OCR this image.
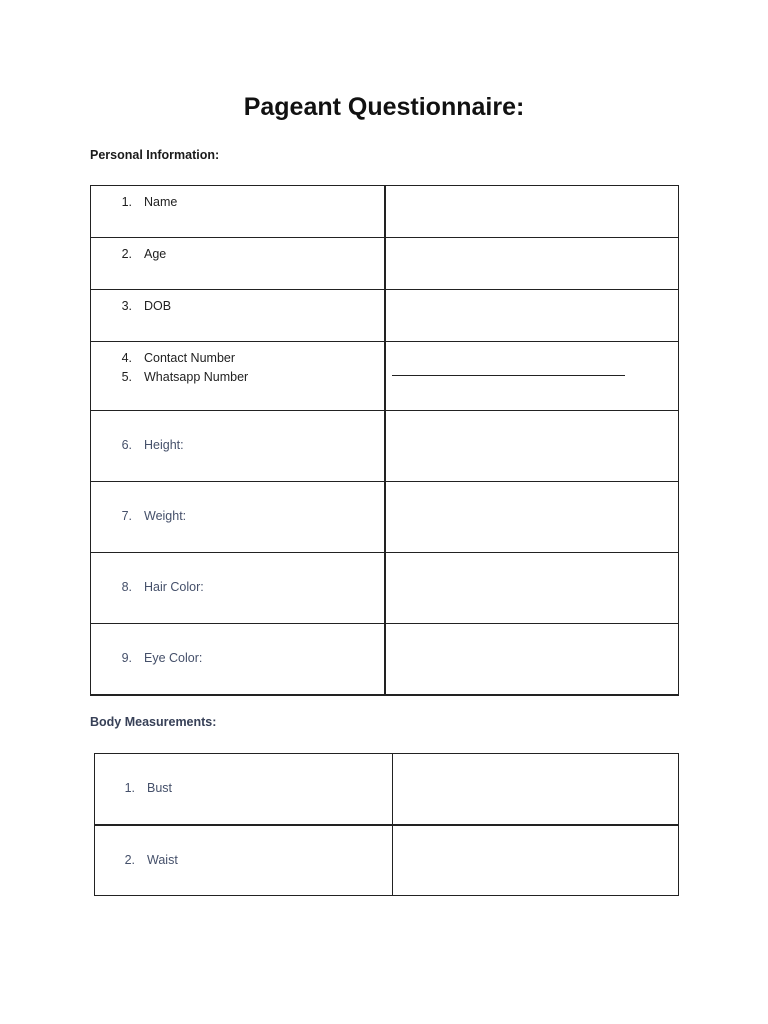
Pageant Questionnaire:
Personal Information:
1. Name	

2. Age	

3. DOB	

4. Contact Number
5. Whatsapp Number	

6. Height:	

7. Weight:	

8. Hair Color:	

9. Eye Color:	

Body Measurements:
1. Bust	

2. Waist	
